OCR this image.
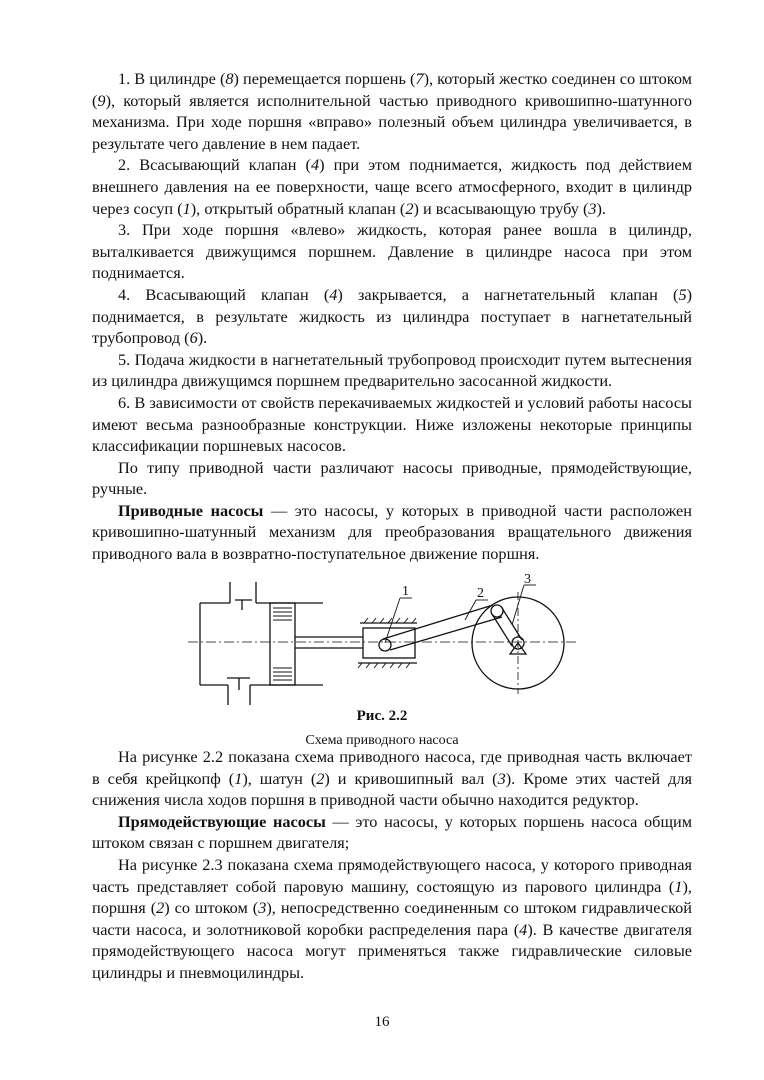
1. В цилиндре (8) перемещается поршень (7), который жестко соединен со штоком (9), который является исполнительной частью приводного кривошипно-шатунного механизма. При ходе поршня «вправо» полезный объем цилиндра увеличивается, в результате чего давление в нем падает.

2. Всасывающий клапан (4) при этом поднимается, жидкость под действием внешнего давления на ее поверхности, чаще всего атмосферного, входит в цилиндр через сосуп (1), открытый обратный клапан (2) и всасывающую трубу (3).

3. При ходе поршня «влево» жидкость, которая ранее вошла в цилиндр, выталкивается движущимся поршнем. Давление в цилиндре насоса при этом поднимается.

4. Всасывающий клапан (4) закрывается, а нагнетательный клапан (5) поднимается, в результате жидкость из цилиндра поступает в нагнетательный трубопровод (6).

5. Подача жидкости в нагнетательный трубопровод происходит путем вытеснения из цилиндра движущимся поршнем предварительно засосанной жидкости.

6. В зависимости от свойств перекачиваемых жидкостей и условий работы насосы имеют весьма разнообразные конструкции. Ниже изложены некоторые принципы классификации поршневых насосов.

По типу приводной части различают насосы приводные, прямодействующие, ручные.

Приводные насосы — это насосы, у которых в приводной части расположен кривошипно-шатунный механизм для преобразования вращательного движения приводного вала в возвратно-поступательное движение поршня.

1	2
3
Рис. 2.2
Схема приводного насоса

На рисунке 2.2 показана схема приводного насоса, где приводная часть включает в себя крейцкопф (1), шатун (2) и кривошипный вал (3). Кроме этих частей для снижения числа ходов поршня в приводной части обычно находится редуктор.

Прямодействующие насосы — это насосы, у которых поршень насоса общим штоком связан с поршнем двигателя;

На рисунке 2.3 показана схема прямодействующего насоса, у которого приводная часть представляет собой паровую машину, состоящую из парового цилиндра (1), поршня (2) со штоком (3), непосредственно соединенным со штоком гидравлической части насоса, и золотниковой коробки распределения пара (4). В качестве двигателя прямодействующего насоса могут применяться также гидравлические силовые цилиндры и пневмоцилиндры.

16
